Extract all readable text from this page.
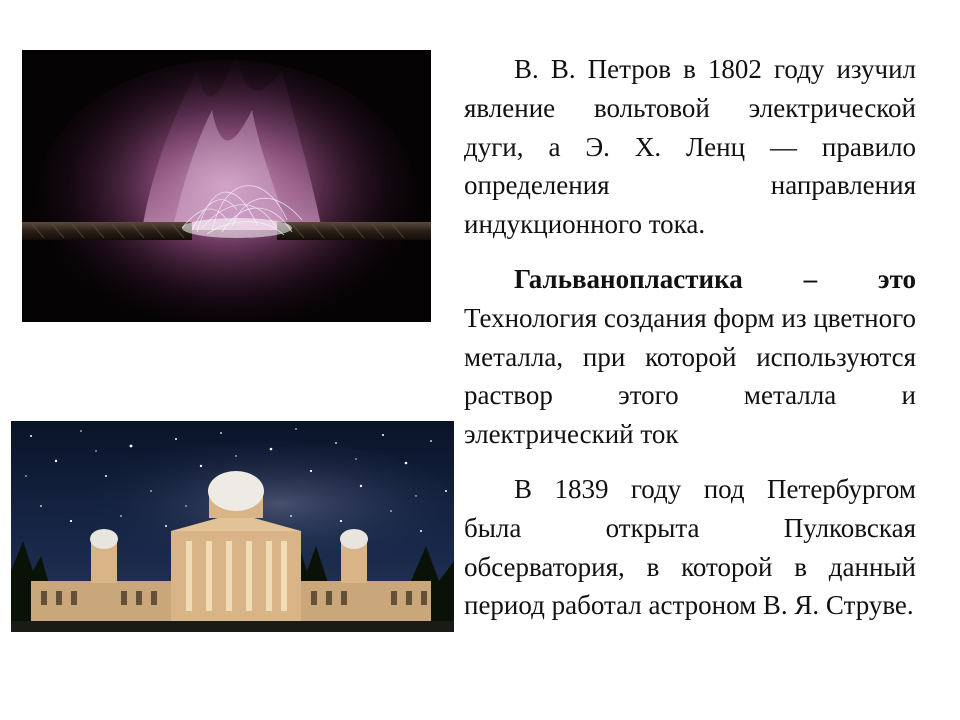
В. В. Петров в 1802 году изучил явление вольтовой электрической дуги, а Э. Х. Ленц — правило определения направления индукционного тока.

Гальванопластика – это Технология создания форм из цветного металла, при которой используются раствор этого металла и электрический ток

В 1839 году под Петербургом была открыта Пулковская обсерватория, в которой в данный период работал астроном В. Я. Струве.
